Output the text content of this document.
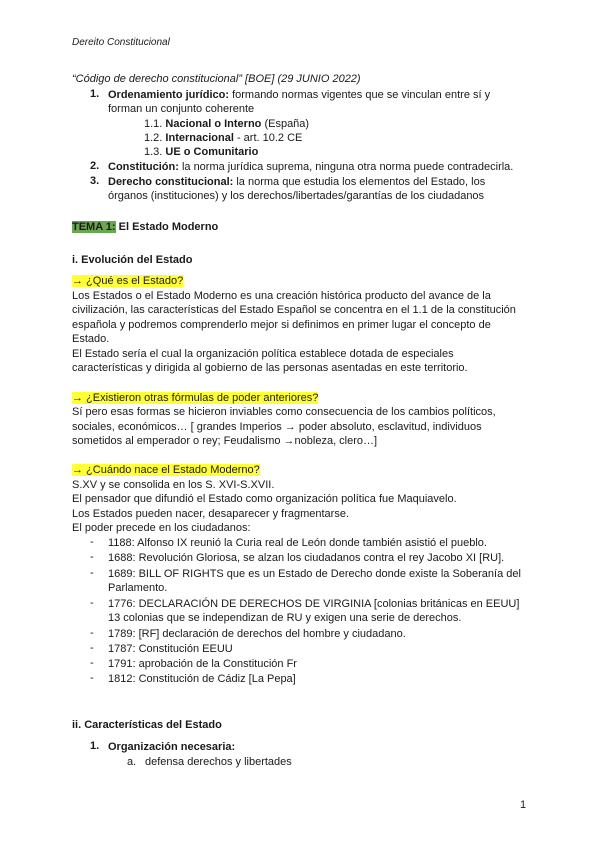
Dereito Constitucional
“Código de derecho constitucional” [BOE] (29 JUNIO 2022)
1. Ordenamiento jurídico: formando normas vigentes que se vinculan entre sí y
forman un conjunto coherente
1.1. Nacional o Interno (España)
1.2. Internacional - art. 10.2 CE
1.3. UE o Comunitario
2. Constitución: la norma jurídica suprema, ninguna otra norma puede contradecirla.
3. Derecho constitucional: la norma que estudia los elementos del Estado, los
órganos (instituciones) y los derechos/libertades/garantías de los ciudadanos
TEMA 1: El Estado Moderno
i. Evolución del Estado
→ ¿Qué es el Estado?
Los Estados o el Estado Moderno es una creación histórica producto del avance de la
civilización, las características del Estado Español se concentra en el 1.1 de la constitución
española y podremos comprenderlo mejor si definimos en primer lugar el concepto de
Estado.
El Estado sería el cual la organización política establece dotada de especiales
características y dirigida al gobierno de las personas asentadas en este territorio.
→ ¿Existieron otras fórmulas de poder anteriores?
Sí pero esas formas se hicieron inviables como consecuencia de los cambios políticos,
sociales, económicos… [ grandes Imperios → poder absoluto, esclavitud, individuos
sometidos al emperador o rey; Feudalismo →nobleza, clero…]
→ ¿Cuándo nace el Estado Moderno?
S.XV y se consolida en los S. XVI-S.XVII.
El pensador que difundió el Estado como organización política fue Maquiavelo.
Los Estados pueden nacer, desaparecer y fragmentarse.
El poder precede en los ciudadanos:
- 1188: Alfonso IX reunió la Curia real de León donde también asistió el pueblo.
- 1688: Revolución Gloriosa, se alzan los ciudadanos contra el rey Jacobo XI [RU].
- 1689: BILL OF RIGHTS que es un Estado de Derecho donde existe la Soberanía del
Parlamento.
- 1776: DECLARACIÓN DE DERECHOS DE VIRGINIA [colonias británicas en EEUU]
13 colonias que se independizan de RU y exigen una serie de derechos.
- 1789: [RF] declaración de derechos del hombre y ciudadano.
- 1787: Constitución EEUU
- 1791: aprobación de la Constitución Fr
- 1812: Constitución de Cádiz [La Pepa]
ii. Características del Estado
1. Organización necesaria:
a. defensa derechos y libertades
1
